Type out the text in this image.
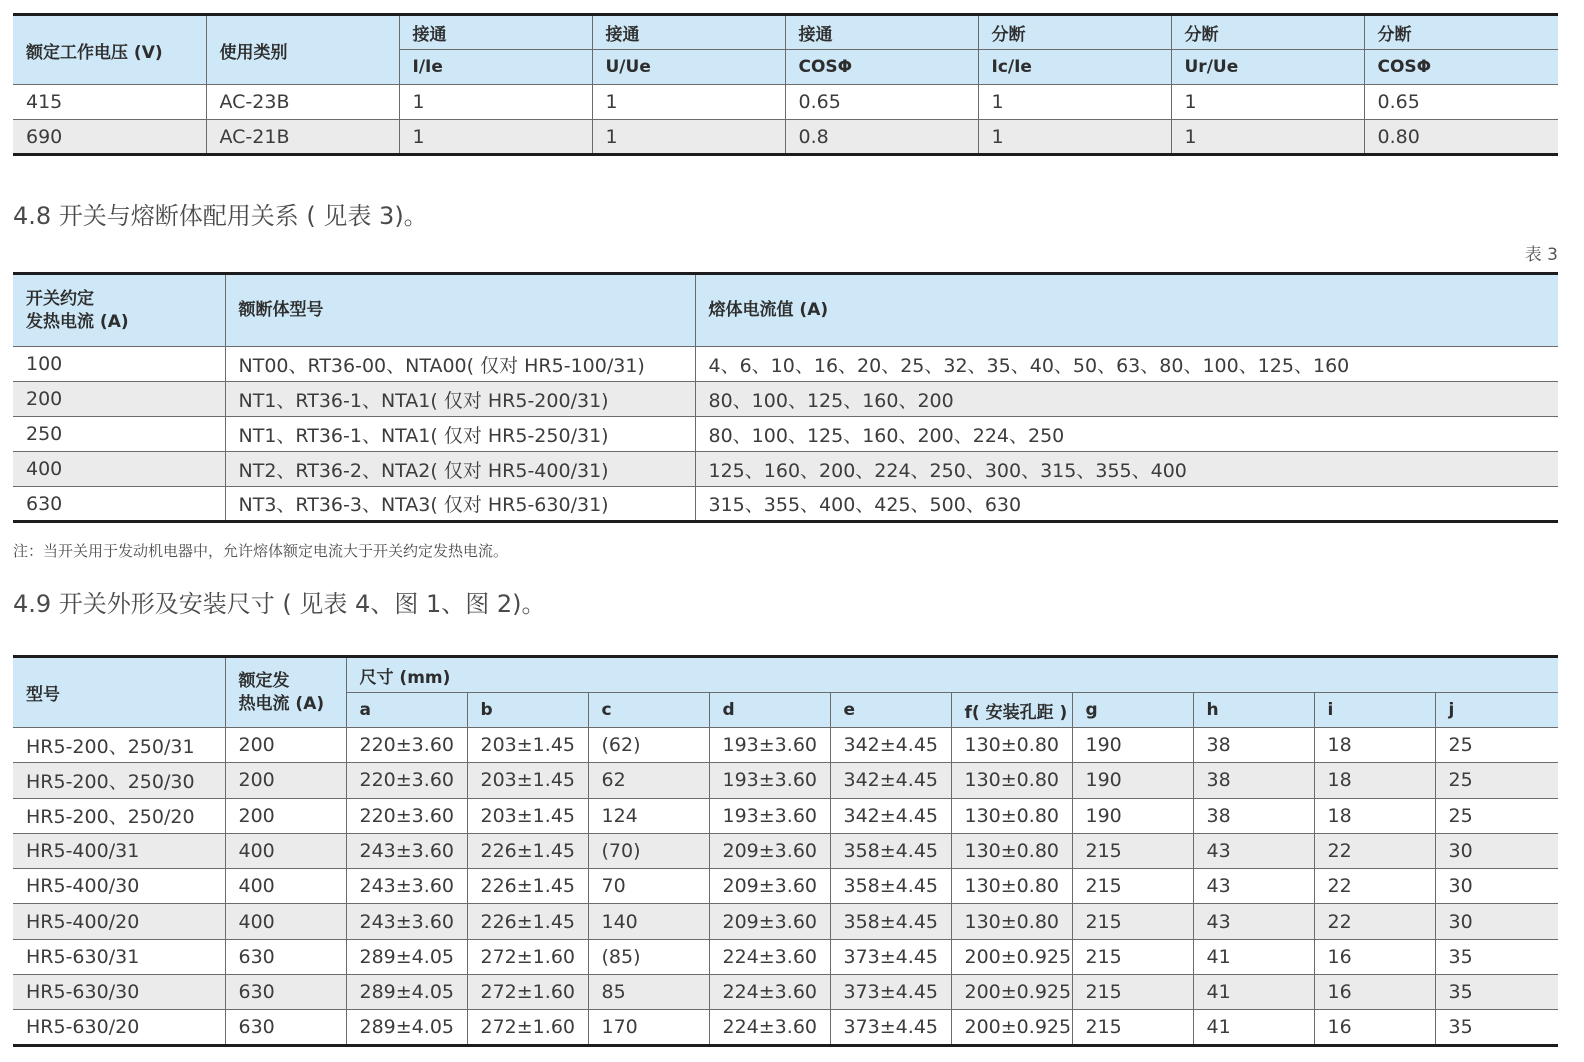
额定工作电压 (V)	使用类别	接通	接通	接通	分断	分断	分断
		I/Ie	U/Ue	COSΦ	Ic/Ie	Ur/Ue	COSΦ
415	AC-23B	1	1	0.65	1	1	0.65
690	AC-21B	1	1	0.8	1	1	0.80
4.8 开关与熔断体配用关系 ( 见表 3)。
表 3
开关约定
发热电流 (A)	额断体型号	熔体电流值 (A)
100	NT00、RT36-00、NTA00( 仅对 HR5-100/31)	4、6、10、16、20、25、32、35、40、50、63、80、100、125、160
200	NT1、RT36-1、NTA1( 仅对 HR5-200/31)	80、100、125、160、200
250	NT1、RT36-1、NTA1( 仅对 HR5-250/31)	80、100、125、160、200、224、250
400	NT2、RT36-2、NTA2( 仅对 HR5-400/31)	125、160、200、224、250、300、315、355、400
630	NT3、RT36-3、NTA3( 仅对 HR5-630/31)	315、355、400、425、500、630
注：当开关用于发动机电器中，允许熔体额定电流大于开关约定发热电流。
4.9 开关外形及安装尺寸 ( 见表 4、图 1、图 2)。
型号	额定发
热电流 (A)	尺寸 (mm)									
		a	b	c	d	e	f( 安装孔距 )	g	h	i	j
HR5-200、250/31	200	220±3.60	203±1.45	(62)	193±3.60	342±4.45	130±0.80	190	38	18	25
HR5-200、250/30	200	220±3.60	203±1.45	62	193±3.60	342±4.45	130±0.80	190	38	18	25
HR5-200、250/20	200	220±3.60	203±1.45	124	193±3.60	342±4.45	130±0.80	190	38	18	25
HR5-400/31	400	243±3.60	226±1.45	(70)	209±3.60	358±4.45	130±0.80	215	43	22	30
HR5-400/30	400	243±3.60	226±1.45	70	209±3.60	358±4.45	130±0.80	215	43	22	30
HR5-400/20	400	243±3.60	226±1.45	140	209±3.60	358±4.45	130±0.80	215	43	22	30
HR5-630/31	630	289±4.05	272±1.60	(85)	224±3.60	373±4.45	200±0.925	215	41	16	35
HR5-630/30	630	289±4.05	272±1.60	85	224±3.60	373±4.45	200±0.925	215	41	16	35
HR5-630/20	630	289±4.05	272±1.60	170	224±3.60	373±4.45	200±0.925	215	41	16	35
